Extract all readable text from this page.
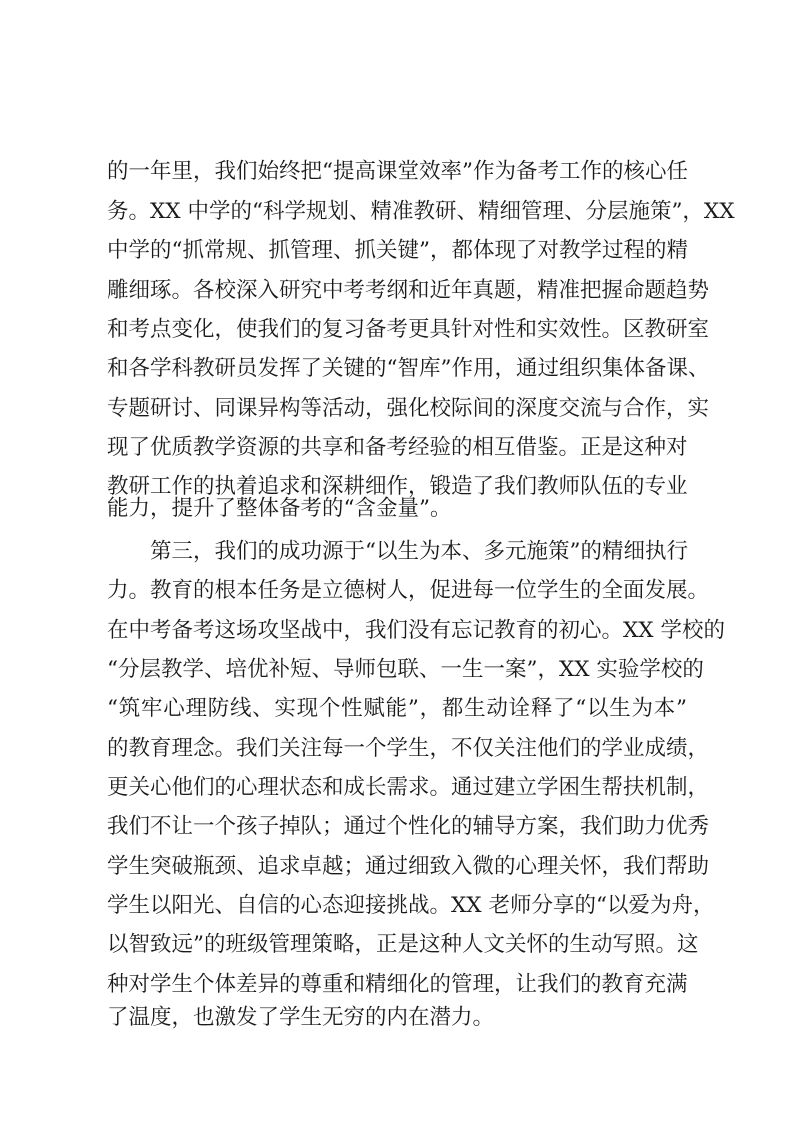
的一年里，我们始终把“提高课堂效率”作为备考工作的核心任
务。XX 中学的“科学规划、精准教研、精细管理、分层施策”，XX
中学的“抓常规、抓管理、抓关键”，都体现了对教学过程的精
雕细琢。各校深入研究中考考纲和近年真题，精准把握命题趋势
和考点变化，使我们的复习备考更具针对性和实效性。区教研室
和各学科教研员发挥了关键的“智库”作用，通过组织集体备课、
专题研讨、同课异构等活动，强化校际间的深度交流与合作，实
现了优质教学资源的共享和备考经验的相互借鉴。正是这种对
教研工作的执着追求和深耕细作，锻造了我们教师队伍的专业
能力，提升了整体备考的“含金量”。
第三，我们的成功源于“以生为本、多元施策”的精细执行
力。教育的根本任务是立德树人，促进每一位学生的全面发展。
在中考备考这场攻坚战中，我们没有忘记教育的初心。XX 学校的
“分层教学、培优补短、导师包联、一生一案”，XX 实验学校的
“筑牢心理防线、实现个性赋能”，都生动诠释了“以生为本”
的教育理念。我们关注每一个学生，不仅关注他们的学业成绩，
更关心他们的心理状态和成长需求。通过建立学困生帮扶机制，
我们不让一个孩子掉队；通过个性化的辅导方案，我们助力优秀
学生突破瓶颈、追求卓越；通过细致入微的心理关怀，我们帮助
学生以阳光、自信的心态迎接挑战。XX 老师分享的“以爱为舟，
以智致远”的班级管理策略，正是这种人文关怀的生动写照。这
种对学生个体差异的尊重和精细化的管理，让我们的教育充满
了温度，也激发了学生无穷的内在潜力。
